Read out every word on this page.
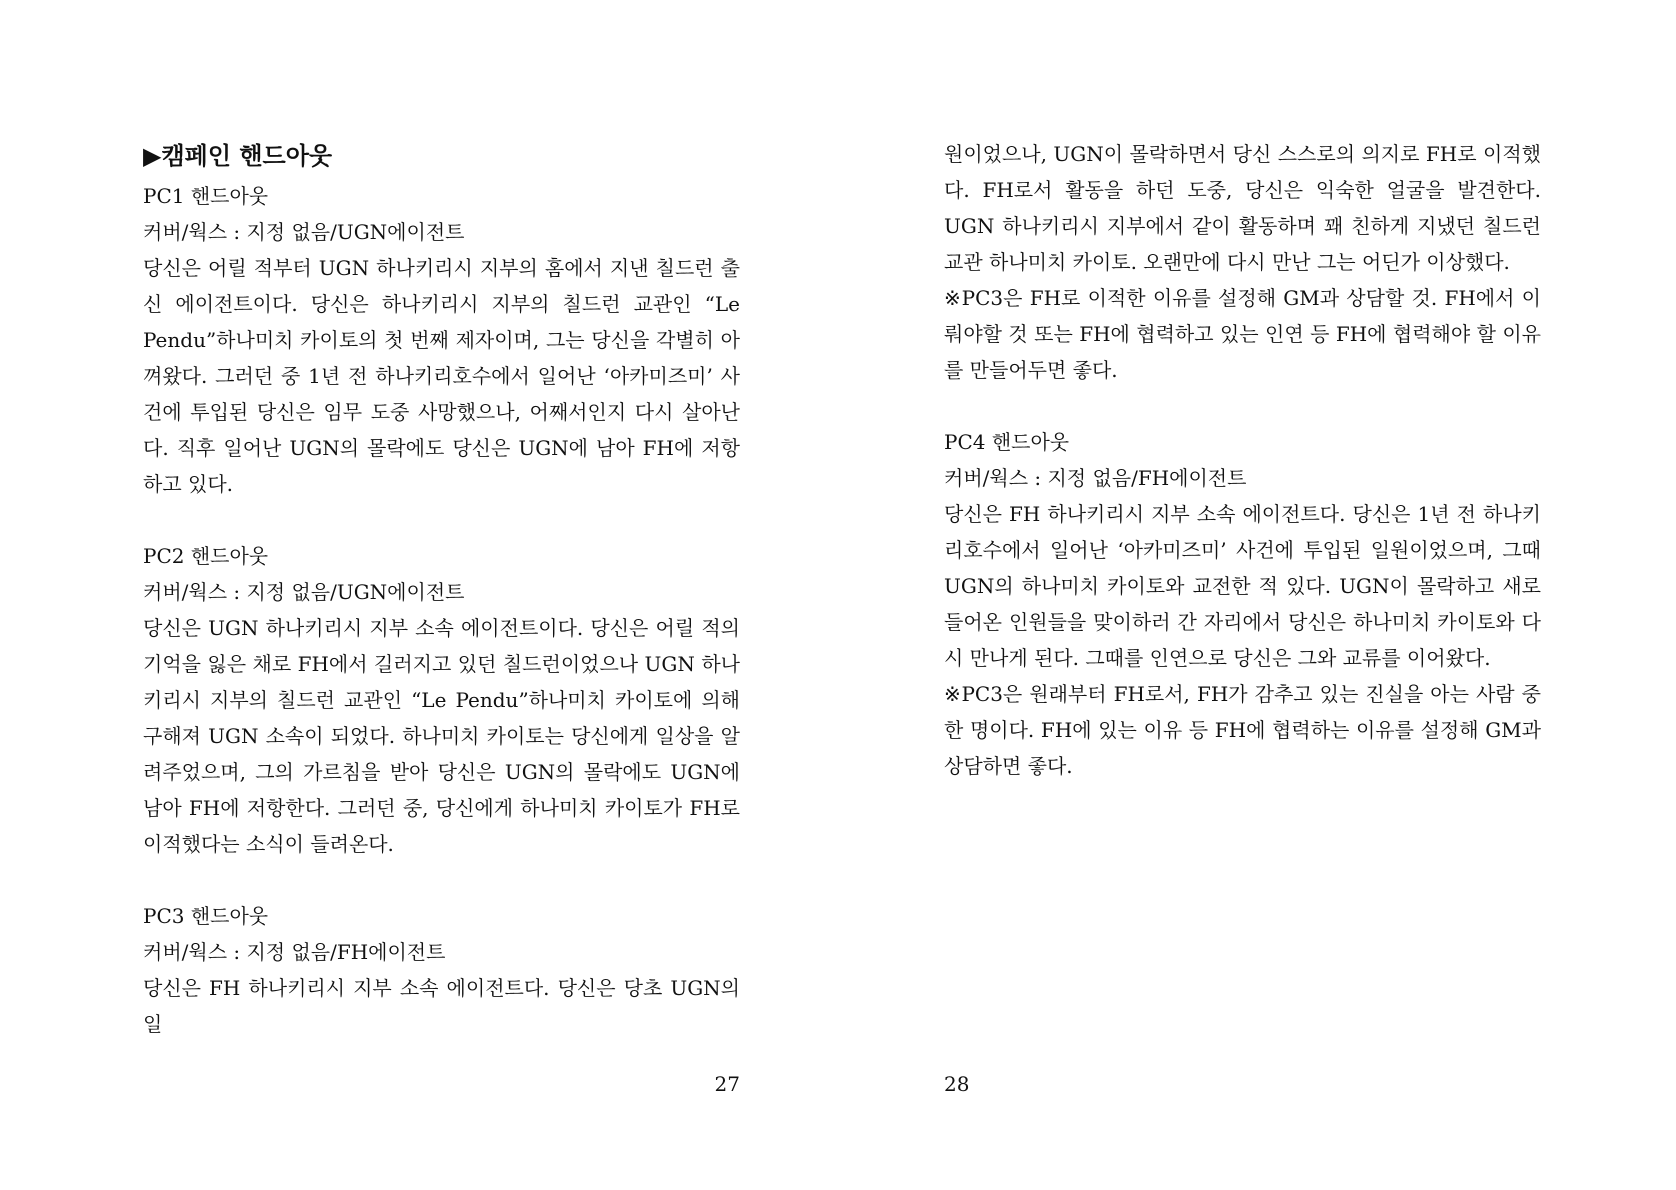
▶캠페인 핸드아웃

PC1 핸드아웃

커버/웍스 : 지정 없음/UGN에이전트

당신은 어릴 적부터 UGN 하나키리시 지부의 홈에서 지낸 칠드런 출신 에이전트이다. 당신은 하나키리시 지부의 칠드런 교관인 “Le Pendu”하나미치 카이토의 첫 번째 제자이며, 그는 당신을 각별히 아껴왔다. 그러던 중 1년 전 하나키리호수에서 일어난 ‘아카미즈미’ 사건에 투입된 당신은 임무 도중 사망했으나, 어째서인지 다시 살아난다. 직후 일어난 UGN의 몰락에도 당신은 UGN에 남아 FH에 저항하고 있다.

PC2 핸드아웃

커버/웍스 : 지정 없음/UGN에이전트

당신은 UGN 하나키리시 지부 소속 에이전트이다. 당신은 어릴 적의 기억을 잃은 채로 FH에서 길러지고 있던 칠드런이었으나 UGN 하나키리시 지부의 칠드런 교관인 “Le Pendu”하나미치 카이토에 의해 구해져 UGN 소속이 되었다. 하나미치 카이토는 당신에게 일상을 알려주었으며, 그의 가르침을 받아 당신은 UGN의 몰락에도 UGN에 남아 FH에 저항한다. 그러던 중, 당신에게 하나미치 카이토가 FH로 이적했다는 소식이 들려온다.

PC3 핸드아웃

커버/웍스 : 지정 없음/FH에이전트

당신은 FH 하나키리시 지부 소속 에이전트다. 당신은 당초 UGN의 일

27

원이었으나, UGN이 몰락하면서 당신 스스로의 의지로 FH로 이적했다. FH로서 활동을 하던 도중, 당신은 익숙한 얼굴을 발견한다. UGN 하나키리시 지부에서 같이 활동하며 꽤 친하게 지냈던 칠드런교관 하나미치 카이토. 오랜만에 다시 만난 그는 어딘가 이상했다.

※PC3은 FH로 이적한 이유를 설정해 GM과 상담할 것. FH에서 이뤄야할 것 또는 FH에 협력하고 있는 인연 등 FH에 협력해야 할 이유를 만들어두면 좋다.

PC4 핸드아웃

커버/웍스 : 지정 없음/FH에이전트

당신은 FH 하나키리시 지부 소속 에이전트다. 당신은 1년 전 하나키리호수에서 일어난 ‘아카미즈미’ 사건에 투입된 일원이었으며, 그때 UGN의 하나미치 카이토와 교전한 적 있다. UGN이 몰락하고 새로 들어온 인원들을 맞이하러 간 자리에서 당신은 하나미치 카이토와 다시 만나게 된다. 그때를 인연으로 당신은 그와 교류를 이어왔다.

※PC3은 원래부터 FH로서, FH가 감추고 있는 진실을 아는 사람 중 한 명이다. FH에 있는 이유 등 FH에 협력하는 이유를 설정해 GM과 상담하면 좋다.

28
